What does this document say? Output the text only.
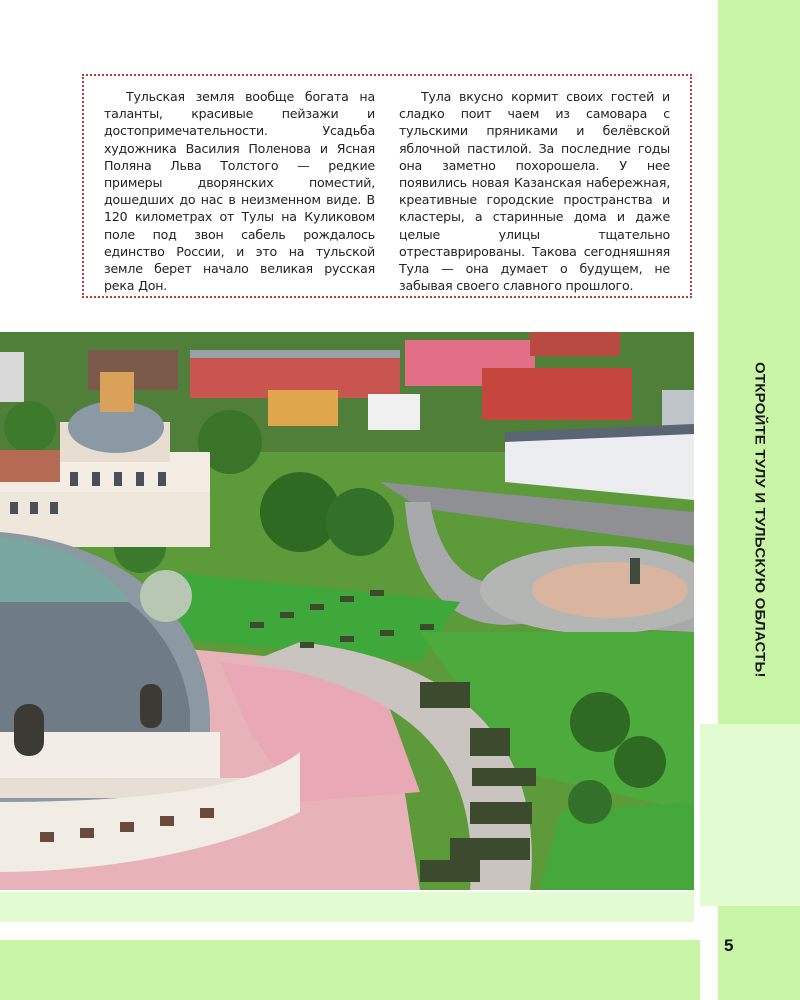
ОТКРОЙТЕ ТУЛУ И ТУЛЬСКУЮ ОБЛАСТЬ!

Тульская земля вообще богата на таланты, красивые пейзажи и достопримечательности. Усадьба художника Василия Поленова и Ясная Поляна Льва Толстого — редкие примеры дворянских поместий, дошедших до нас в неизменном виде. В 120 километрах от Тулы на Куликовом поле под звон сабель рождалось единство России, и это на тульской земле берет начало великая русская река Дон.

Тула вкусно кормит своих гостей и сладко поит чаем из самовара с тульскими пряниками и белёвской яблочной пастилой. За последние годы она заметно похорошела. У нее появились новая Казанская набережная, креативные городские пространства и кластеры, а старинные дома и даже целые улицы тщательно отреставрированы. Такова сегодняшняя Тула — она думает о будущем, не забывая своего славного прошлого.

5
